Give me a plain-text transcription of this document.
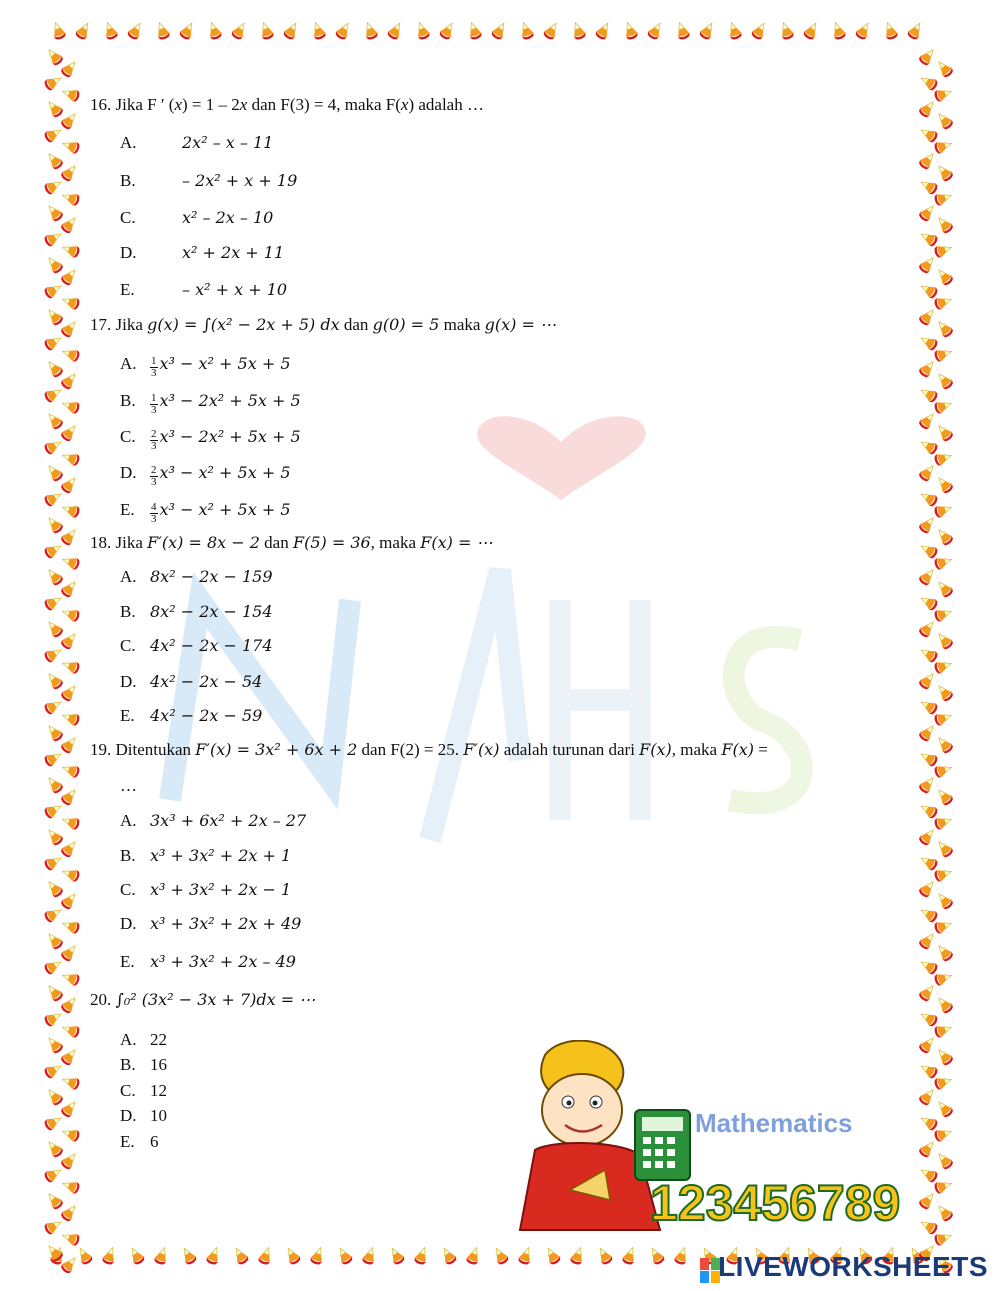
16. Jika F ′ (x) = 1 – 2x dan F(3) = 4, maka F(x) adalah …
A.	2x² – x – 11
B.	– 2x² + x + 19
C.	x² – 2x – 10
D.	x² + 2x + 11
E.	– x² + x + 10
17. Jika g(x) = ∫(x² − 2x + 5) dx dan g(0) = 5 maka g(x) = ⋯
A. $\frac{1}{3} x^3 - x^2 + 5x + 5$
B. $\frac{1}{3} x^3 - 2x^2 + 5x + 5$
C. $\frac{2}{3} x^3 - 2x^2 + 5x + 5$
D. $\frac{2}{3} x^3 - x^2 + 5x + 5$
E. $\frac{4}{3} x^3 - x^2 + 5x + 5$
18. Jika F′(x) = 8x − 2 dan F(5) = 36, maka F(x) = ⋯
A. 8x² − 2x − 159
B. 8x² − 2x − 154
C. 4x² − 2x − 174
D. 4x² − 2x − 54
E. 4x² − 2x − 59
19. Ditentukan F′(x) = 3x² + 6x + 2 dan F(2) = 25. F′(x) adalah turunan dari F(x), maka F(x) =
…
A. 3x³ + 6x² + 2x – 27
B. x³ + 3x² + 2x + 1
C. x³ + 3x² + 2x − 1
D. x³ + 3x² + 2x + 49
E. x³ + 3x² + 2x – 49
20. ∫₀² (3x² − 3x + 7)dx = ⋯
A. 22
B. 16
C. 12
D. 10
E. 6
123456789
Mathematics
LIVEWORKSHEETS
